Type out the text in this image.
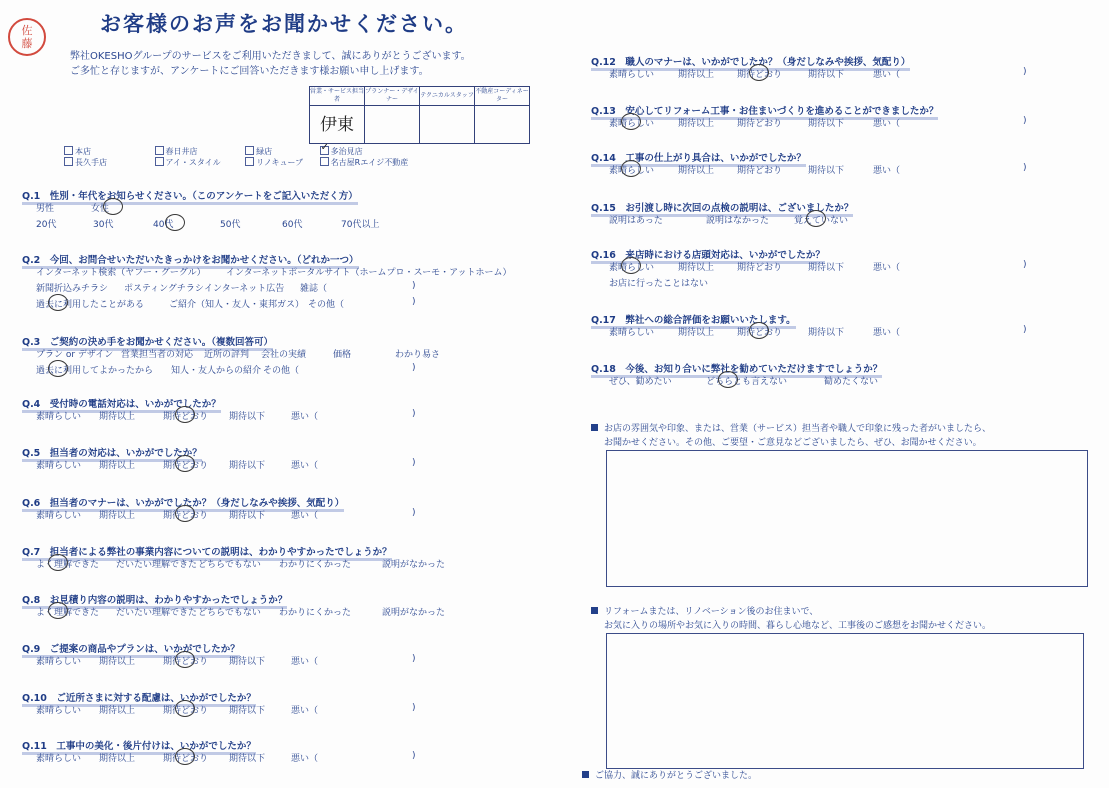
佐
藤
お客様のお声をお聞かせください。
弊社OKESHOグループのサービスをご利用いただきまして、誠にありがとうございます。
ご多忙と存じますが、アンケートにご回答いただきます様お願い申し上げます。
営業・サービス担当者	プランナー・デザイナー	テクニカルスタッフ	不動産コーディネーター
伊東			
本店	春日井店	緑店 ✓	多治見店
長久手店	アイ・スタイル	リノキューブ	名古屋Rエイジ不動産
Q.1　性別・年代をお知らせください。（このアンケートをご記入いただく方）
男性	女性
20代	30代	40代	50代	60代	70代以上
Q.2　今回、お問合せいただいたきっかけをお聞かせください。（どれか一つ）
インターネット検索（ヤフー・グーグル） インターネットポータルサイト（ホームプロ・スーモ・アットホーム）
新聞折込みチラシ ポスティングチラシ インターネット広告 雑誌（	)
過去に利用したことがある	ご紹介（知人・友人・東邦ガス） その他（	)
Q.3　ご契約の決め手をお聞かせください。（複数回答可）
プラン or デザイン 営業担当者の対応 近所の評判 会社の実績	価格	わかり易さ
過去に利用してよかったから 知人・友人からの紹介 その他（	)
Q.4　受付時の電話対応は、いかがでしたか？
素晴らしい 期待以上	期待どおり 期待以下	悪い（	)
Q.5　担当者の対応は、いかがでしたか？
素晴らしい 期待以上	期待どおり 期待以下	悪い（	)
Q.6　担当者のマナーは、いかがでしたか？（身だしなみや挨拶、気配り）
素晴らしい 期待以上	期待どおり 期待以下	悪い（	)
Q.7　担当者による弊社の事業内容についての説明は、わかりやすかったでしょうか？
よく理解できた だいたい理解できた どちらでもない わかりにくかった	説明がなかった
Q.8　お見積り内容の説明は、わかりやすかったでしょうか？
よく理解できた だいたい理解できた どちらでもない わかりにくかった	説明がなかった
Q.9　ご提案の商品やプランは、いかがでしたか？
素晴らしい 期待以上	期待どおり 期待以下	悪い（	)
Q.10　ご近所さまに対する配慮は、いかがでしたか？
素晴らしい 期待以上	期待どおり 期待以下	悪い（	)
Q.11　工事中の美化・後片付けは、いかがでしたか？
素晴らしい 期待以上	期待どおり 期待以下	悪い（	)
Q.12　職人のマナーは、いかがでしたか？（身だしなみや挨拶、気配り）
素晴らしい	期待以上	期待どおり	期待以下	悪い（	)
Q.13　安心してリフォーム工事・お住まいづくりを進めることができましたか？
素晴らしい	期待以上	期待どおり	期待以下	悪い（	)
Q.14　工事の仕上がり具合は、いかがでしたか？
素晴らしい	期待以上	期待どおり	期待以下	悪い（	)
Q.15　お引渡し時に次回の点検の説明は、ございましたか？
説明はあった	説明はなかった	覚えていない
Q.16　来店時における店頭対応は、いかがでしたか？
素晴らしい	期待以上	期待どおり	期待以下	悪い（	)
お店に行ったことはない
Q.17　弊社への総合評価をお願いいたします。
素晴らしい	期待以上	期待どおり	期待以下	悪い（	)
Q.18　今後、お知り合いに弊社を勧めていただけますでしょうか？
ぜひ、勧めたい	どちらとも言えない	勧めたくない
お店の雰囲気や印象、または、営業（サービス）担当者や職人で印象に残った者がいましたら、
お聞かせください。その他、ご要望・ご意見などございましたら、ぜひ、お聞かせください。
リフォームまたは、リノベーション後のお住まいで、
お気に入りの場所やお気に入りの時間、暮らし心地など、工事後のご感想をお聞かせください。
ご協力、誠にありがとうございました。
